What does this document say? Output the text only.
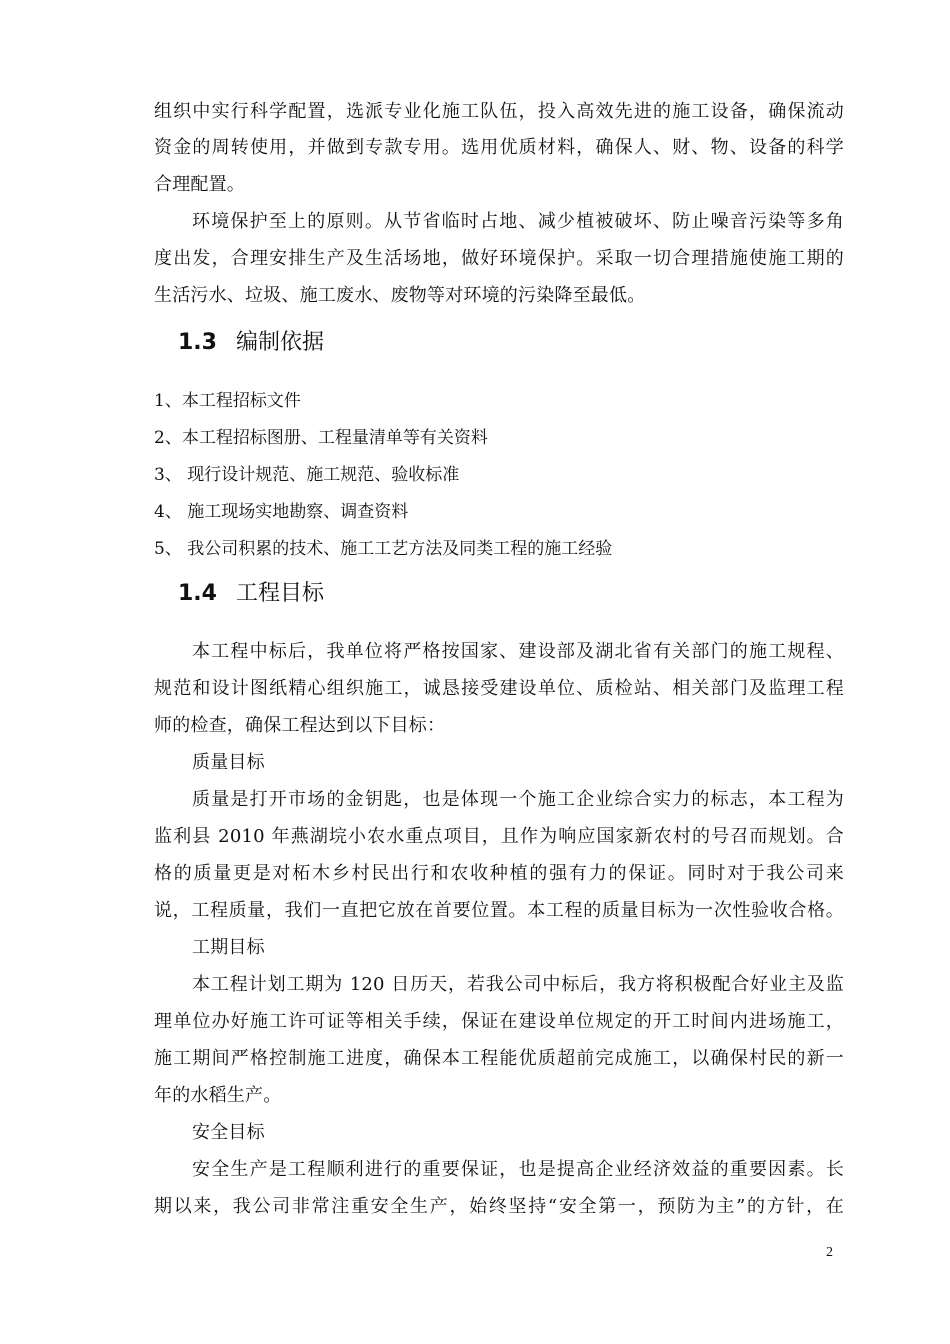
组织中实行科学配置，选派专业化施工队伍，投入高效先进的施工设备，确保流动
资金的周转使用，并做到专款专用。选用优质材料，确保人、财、物、设备的科学
合理配置。
环境保护至上的原则。从节省临时占地、减少植被破坏、防止噪音污染等多角
度出发，合理安排生产及生活场地，做好环境保护。采取一切合理措施使施工期的
生活污水、垃圾、施工废水、废物等对环境的污染降至最低。
1.3 编制依据
1、本工程招标文件
2、本工程招标图册、工程量清单等有关资料
3、 现行设计规范、施工规范、验收标准
4、 施工现场实地勘察、调查资料
5、 我公司积累的技术、施工工艺方法及同类工程的施工经验
1.4 工程目标
本工程中标后，我单位将严格按国家、建设部及湖北省有关部门的施工规程、
规范和设计图纸精心组织施工，诚恳接受建设单位、质检站、相关部门及监理工程
师的检查，确保工程达到以下目标：
质量目标
质量是打开市场的金钥匙，也是体现一个施工企业综合实力的标志，本工程为
监利县 2010 年燕湖垸小农水重点项目，且作为响应国家新农村的号召而规划。合
格的质量更是对柘木乡村民出行和农收种植的强有力的保证。同时对于我公司来
说，工程质量，我们一直把它放在首要位置。本工程的质量目标为一次性验收合格。
工期目标
本工程计划工期为 120 日历天，若我公司中标后，我方将积极配合好业主及监
理单位办好施工许可证等相关手续，保证在建设单位规定的开工时间内进场施工，
施工期间严格控制施工进度，确保本工程能优质超前完成施工，以确保村民的新一
年的水稻生产。
安全目标
安全生产是工程顺利进行的重要保证，也是提高企业经济效益的重要因素。长
期以来，我公司非常注重安全生产，始终坚持“安全第一，预防为主”的方针，在
2
